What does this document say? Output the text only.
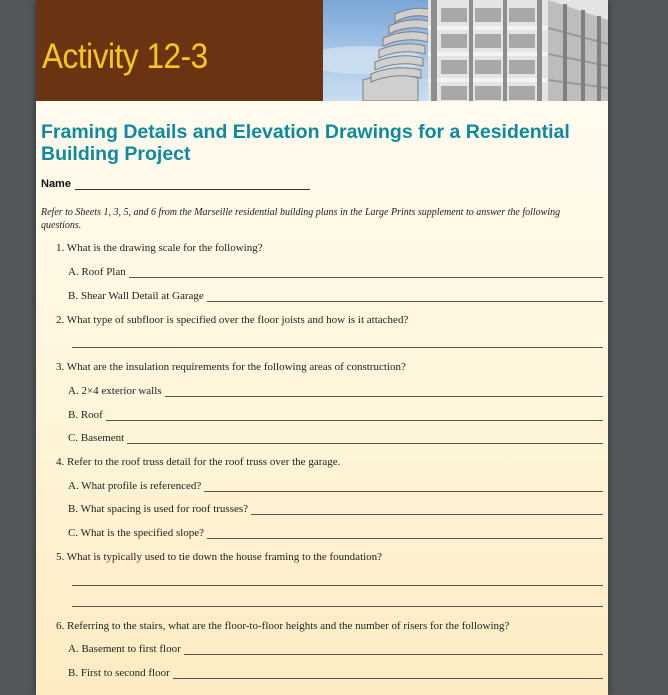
Activity 12-3
Framing Details and Elevation Drawings for a Residential Building Project
Name

Refer to Sheets 1, 3, 5, and 6 from the Marseille residential building plans in the Large Prints supplement to answer the following questions.

1. What is the drawing scale for the following?
A. Roof Plan
B. Shear Wall Detail at Garage
2. What type of subfloor is specified over the floor joists and how is it attached?
3. What are the insulation requirements for the following areas of construction?
A. 2×4 exterior walls
B. Roof
C. Basement
4. Refer to the roof truss detail for the roof truss over the garage.
A. What profile is referenced?
B. What spacing is used for roof trusses?
C. What is the specified slope?
5. What is typically used to tie down the house framing to the foundation?
6. Referring to the stairs, what are the floor-to-floor heights and the number of risers for the following?
A. Basement to first floor
B. First to second floor
